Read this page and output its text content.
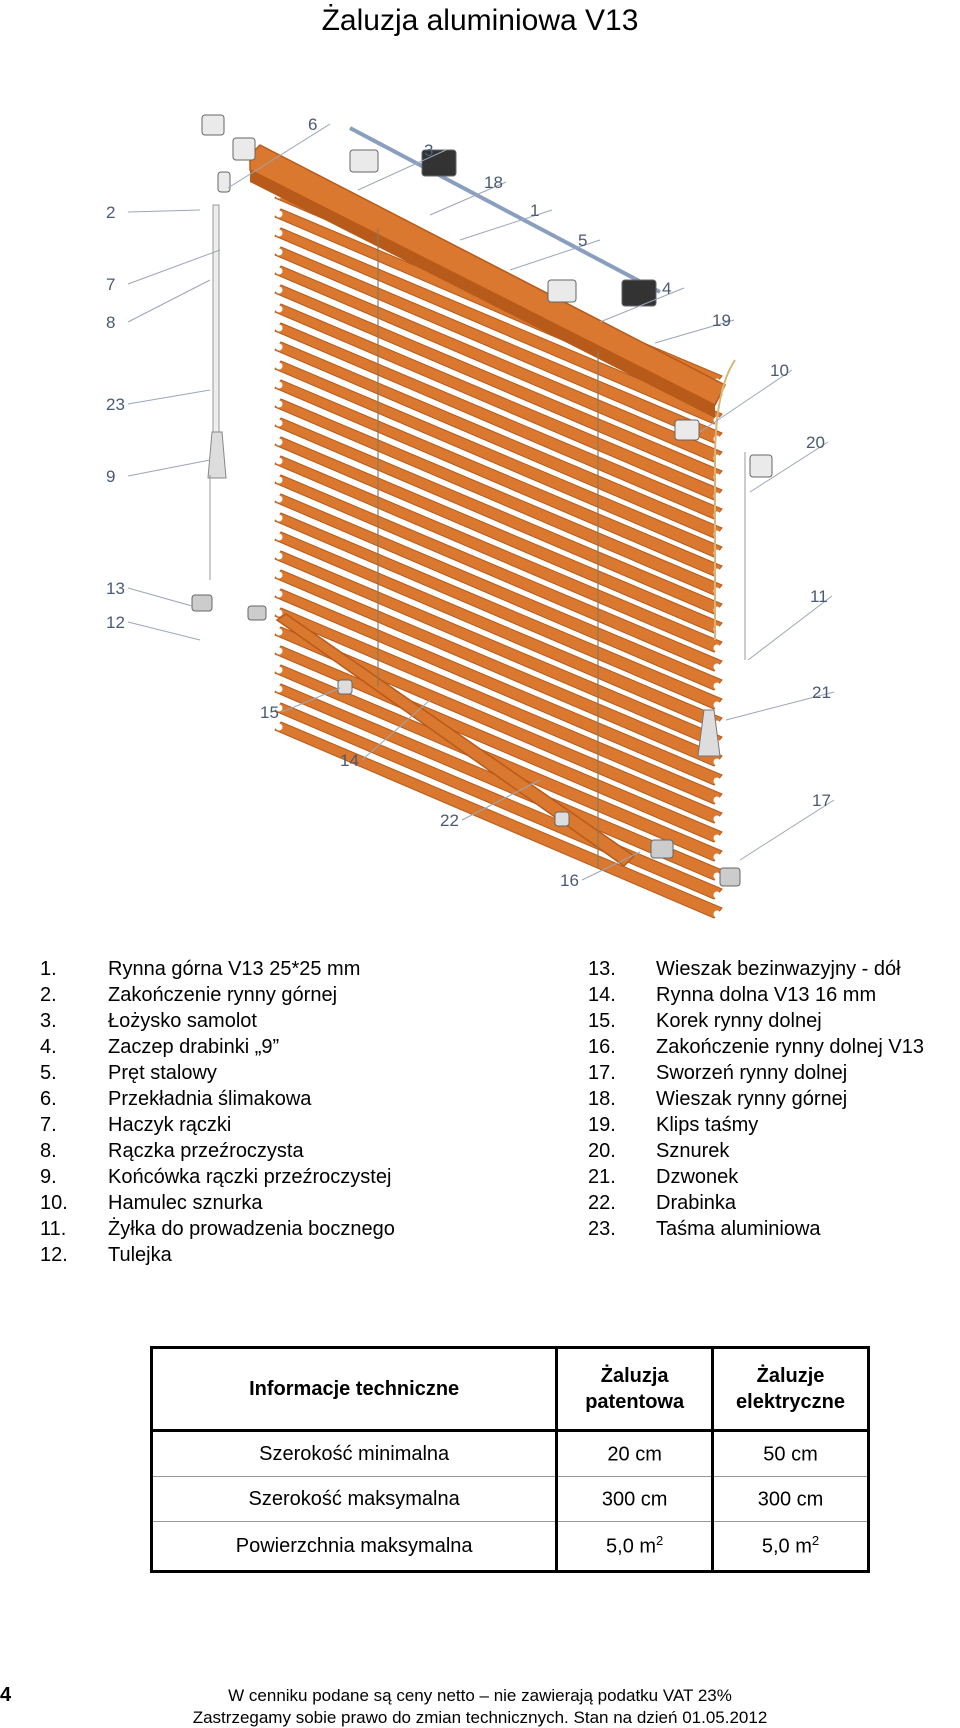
Żaluzja aluminiowa V13
1
2
3
4
5
6
7
8
9
10
11
12
13
14
15
16
17
18
19
20
21
22
23
1.	Rynna górna V13 25*25 mm
2.	Zakończenie rynny górnej
3.	Łożysko samolot
4.	Zaczep drabinki „9”
5.	Pręt stalowy
6.	Przekładnia ślimakowa
7.	Haczyk rączki
8.	Rączka przeźroczysta
9.	Końcówka rączki przeźroczystej
10.	Hamulec sznurka
11.	Żyłka do prowadzenia bocznego
12.	Tulejka
13.	Wieszak bezinwazyjny - dół
14.	Rynna dolna V13 16 mm
15.	Korek rynny dolnej
16.	Zakończenie rynny dolnej V13
17.	Sworzeń rynny dolnej
18.	Wieszak rynny górnej
19.	Klips taśmy
20.	Sznurek
21.	Dzwonek
22.	Drabinka
23.	Taśma aluminiowa
Informacje techniczne	Żaluzja patentowa	Żaluzje elektryczne
Szerokość minimalna	20 cm	50 cm
Szerokość maksymalna	300 cm	300 cm
Powierzchnia maksymalna	5,0 $m^2$	5,0 $m^2$
4	W cenniku podane są ceny netto – nie zawierają podatku VAT 23%
Zastrzegamy sobie prawo do zmian technicznych. Stan na dzień 01.05.2012
